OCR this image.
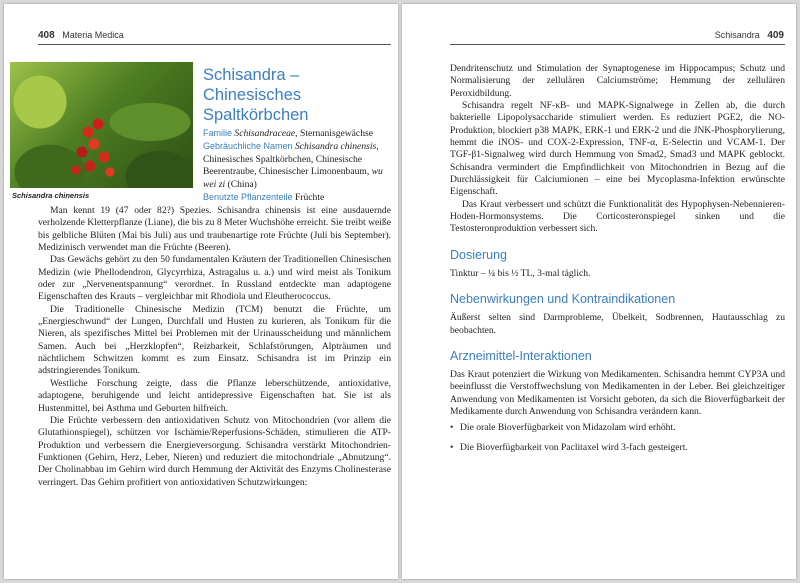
408 Materia Medica
Schisandra chinensis
Schisandra –
Chinesisches Spaltkörbchen
Familie Schisandraceae, Sternanisgewächse
Gebräuchliche Namen Schisandra chinensis, Chinesisches Spaltkörbchen, Chinesische Beerentraube, Chinesischer Limonenbaum, wu wei zi (China)
Benutzte Pflanzenteile Früchte

Man kennt 19 (47 oder 82?) Spezies. Schisandra chinensis ist eine ausdauernde verholzende Kletterpflanze (Liane), die bis zu 8 Meter Wuchshöhe erreicht. Sie treibt weiße bis gelbliche Blüten (Mai bis Juli) aus und traubenartige rote Früchte (Juli bis September). Medizinisch verwendet man die Früchte (Beeren).

Das Gewächs gehört zu den 50 fundamentalen Kräutern der Traditionellen Chinesischen Medizin (wie Phellodendron, Glycyrrhiza, Astragalus u. a.) und wird meist als Tonikum oder zur „Nervenentspannung“ verordnet. In Russland entdeckte man adaptogene Eigenschaften des Krauts – vergleichbar mit Rhodiola und Eleutherococcus.

Die Traditionelle Chinesische Medizin (TCM) benutzt die Früchte, um „Energieschwund“ der Lungen, Durchfall und Husten zu kurieren, als Tonikum für die Nieren, als spezifisches Mittel bei Problemen mit der Urinausscheidung und männlichem Samen. Auch bei „Herzklopfen“, Reizbarkeit, Schlafstörungen, Alpträumen und nächtlichem Schwitzen kommt es zum Einsatz. Schisandra ist im Prinzip ein adstringierendes Tonikum.

Westliche Forschung zeigte, dass die Pflanze leberschützende, antioxidative, adaptogene, beruhigende und leicht antidepressive Eigenschaften hat. Sie ist als Hustenmittel, bei Asthma und Geburten hilfreich.

Die Früchte verbessern den antioxidativen Schutz von Mitochondrien (vor allem die Glutathionspiegel), schützen vor Ischämie/Reperfusions-Schäden, stimulieren die ATP-Produktion und verbessern die Energieversorgung. Schisandra verstärkt Mitochondrien-Funktionen (Gehirn, Herz, Leber, Nieren) und reduziert die mitochondriale „Abnutzung“. Der Cholinabbau im Gehirn wird durch Hemmung der Aktivität des Enzyms Cholinesterase verringert. Das Gehirn profitiert von antioxidativen Schutzwirkungen:

Schisandra 409

Dendritenschutz und Stimulation der Synaptogenese im Hippocampus; Schutz und Normalisierung der zellulären Calciumströme; Hemmung der zellulären Peroxidbildung.

Schisandra regelt NF-κB- und MAPK-Signalwege in Zellen ab, die durch bakterielle Lipopolysaccharide stimuliert werden. Es reduziert PGE2, die NO-Produktion, blockiert p38 MAPK, ERK-1 und ERK-2 und die JNK-Phosphorylierung, hemmt die iNOS- und COX-2-Expression, TNF-α, E-Selectin und VCAM-1. Der TGF-β1-Signalweg wird durch Hemmung von Smad2, Smad3 und MAPK geblockt. Schisandra vermindert die Empfindlichkeit von Mitochondrien in Bezug auf die Durchlässigkeit für Calciumionen – eine bei Mycoplasma-Infektion erwünschte Eigenschaft.

Das Kraut verbessert und schützt die Funktionalität des Hypophysen-Nebennieren-Hoden-Hormonsystems. Die Corticosteronspiegel sinken und die Testosteronproduktion verbessert sich.

Dosierung

Tinktur – ¼ bis ½ TL, 3-mal täglich.

Nebenwirkungen und Kontraindikationen

Äußerst selten sind Darmprobleme, Übelkeit, Sodbrennen, Hautausschlag zu beobachten.

Arzneimittel-Interaktionen

Das Kraut potenziert die Wirkung von Medikamenten. Schisandra hemmt CYP3A und beeinflusst die Verstoffwechslung von Medikamenten in der Leber. Bei gleichzeitiger Anwendung von Medikamenten ist Vorsicht geboten, da sich die Bioverfügbarkeit der Medikamente durch Anwendung von Schisandra verändern kann.

• Die orale Bioverfügbarkeit von Midazolam wird erhöht.
• Die Bioverfügbarkeit von Paclitaxel wird 3-fach gesteigert.
